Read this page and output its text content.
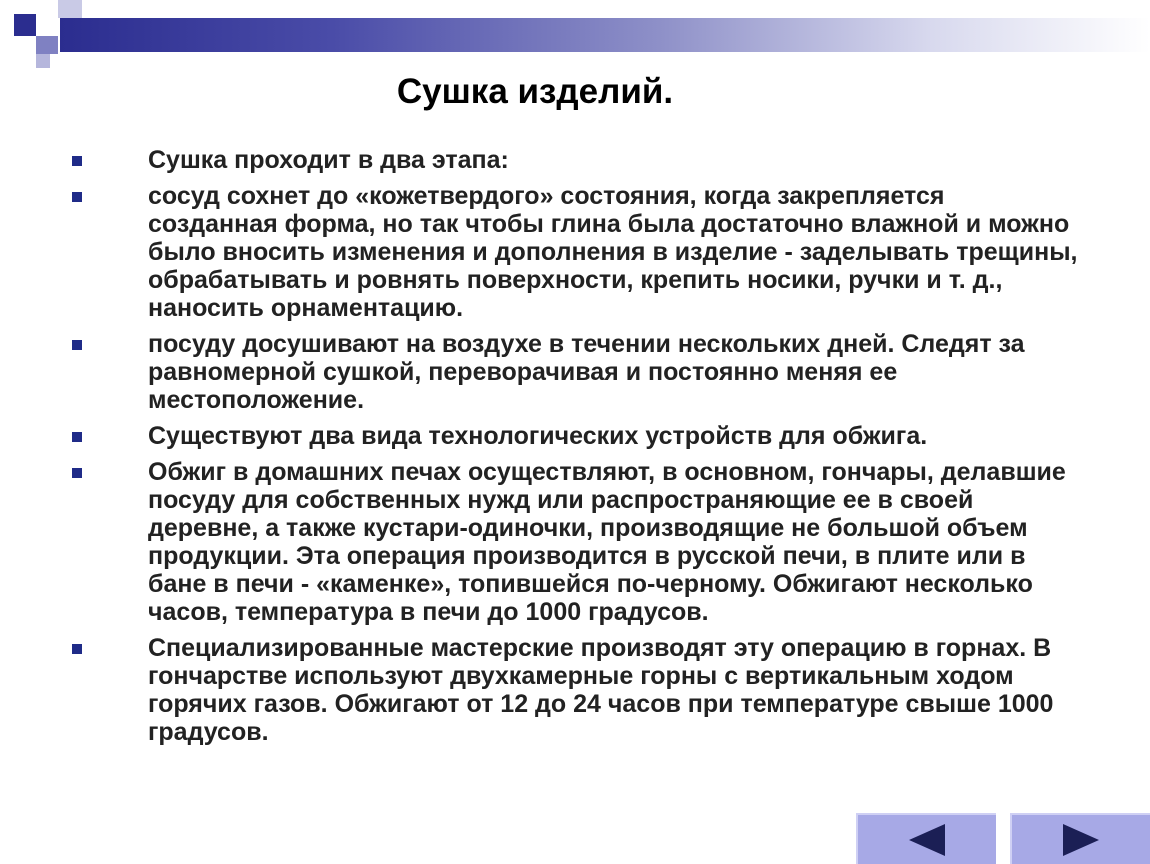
Сушка изделий.
Сушка проходит в два этапа:
сосуд сохнет до «кожетвердого» состояния, когда закрепляется созданная форма, но так чтобы глина была достаточно влажной и можно было вносить изменения и дополнения в изделие - заделывать трещины, обрабатывать и ровнять поверхности, крепить носики, ручки и т. д., наносить орнаментацию.
посуду досушивают на воздухе в течении нескольких дней. Следят за равномерной сушкой, переворачивая и постоянно меняя ее местоположение.
Существуют два вида технологических устройств для обжига.
Обжиг в домашних печах осуществляют, в основном, гончары, делавшие посуду для собственных нужд или распространяющие ее в своей деревне, а также кустари-одиночки, производящие не большой объем продукции. Эта операция производится в русской печи, в плите или в бане в печи - «каменке», топившейся по-черному. Обжигают несколько часов, температура в печи до 1000 градусов.
Специализированные мастерские производят эту операцию в горнах. В гончарстве используют двухкамерные горны с вертикальным ходом горячих газов. Обжигают от 12 до 24 часов при температуре свыше 1000 градусов.
